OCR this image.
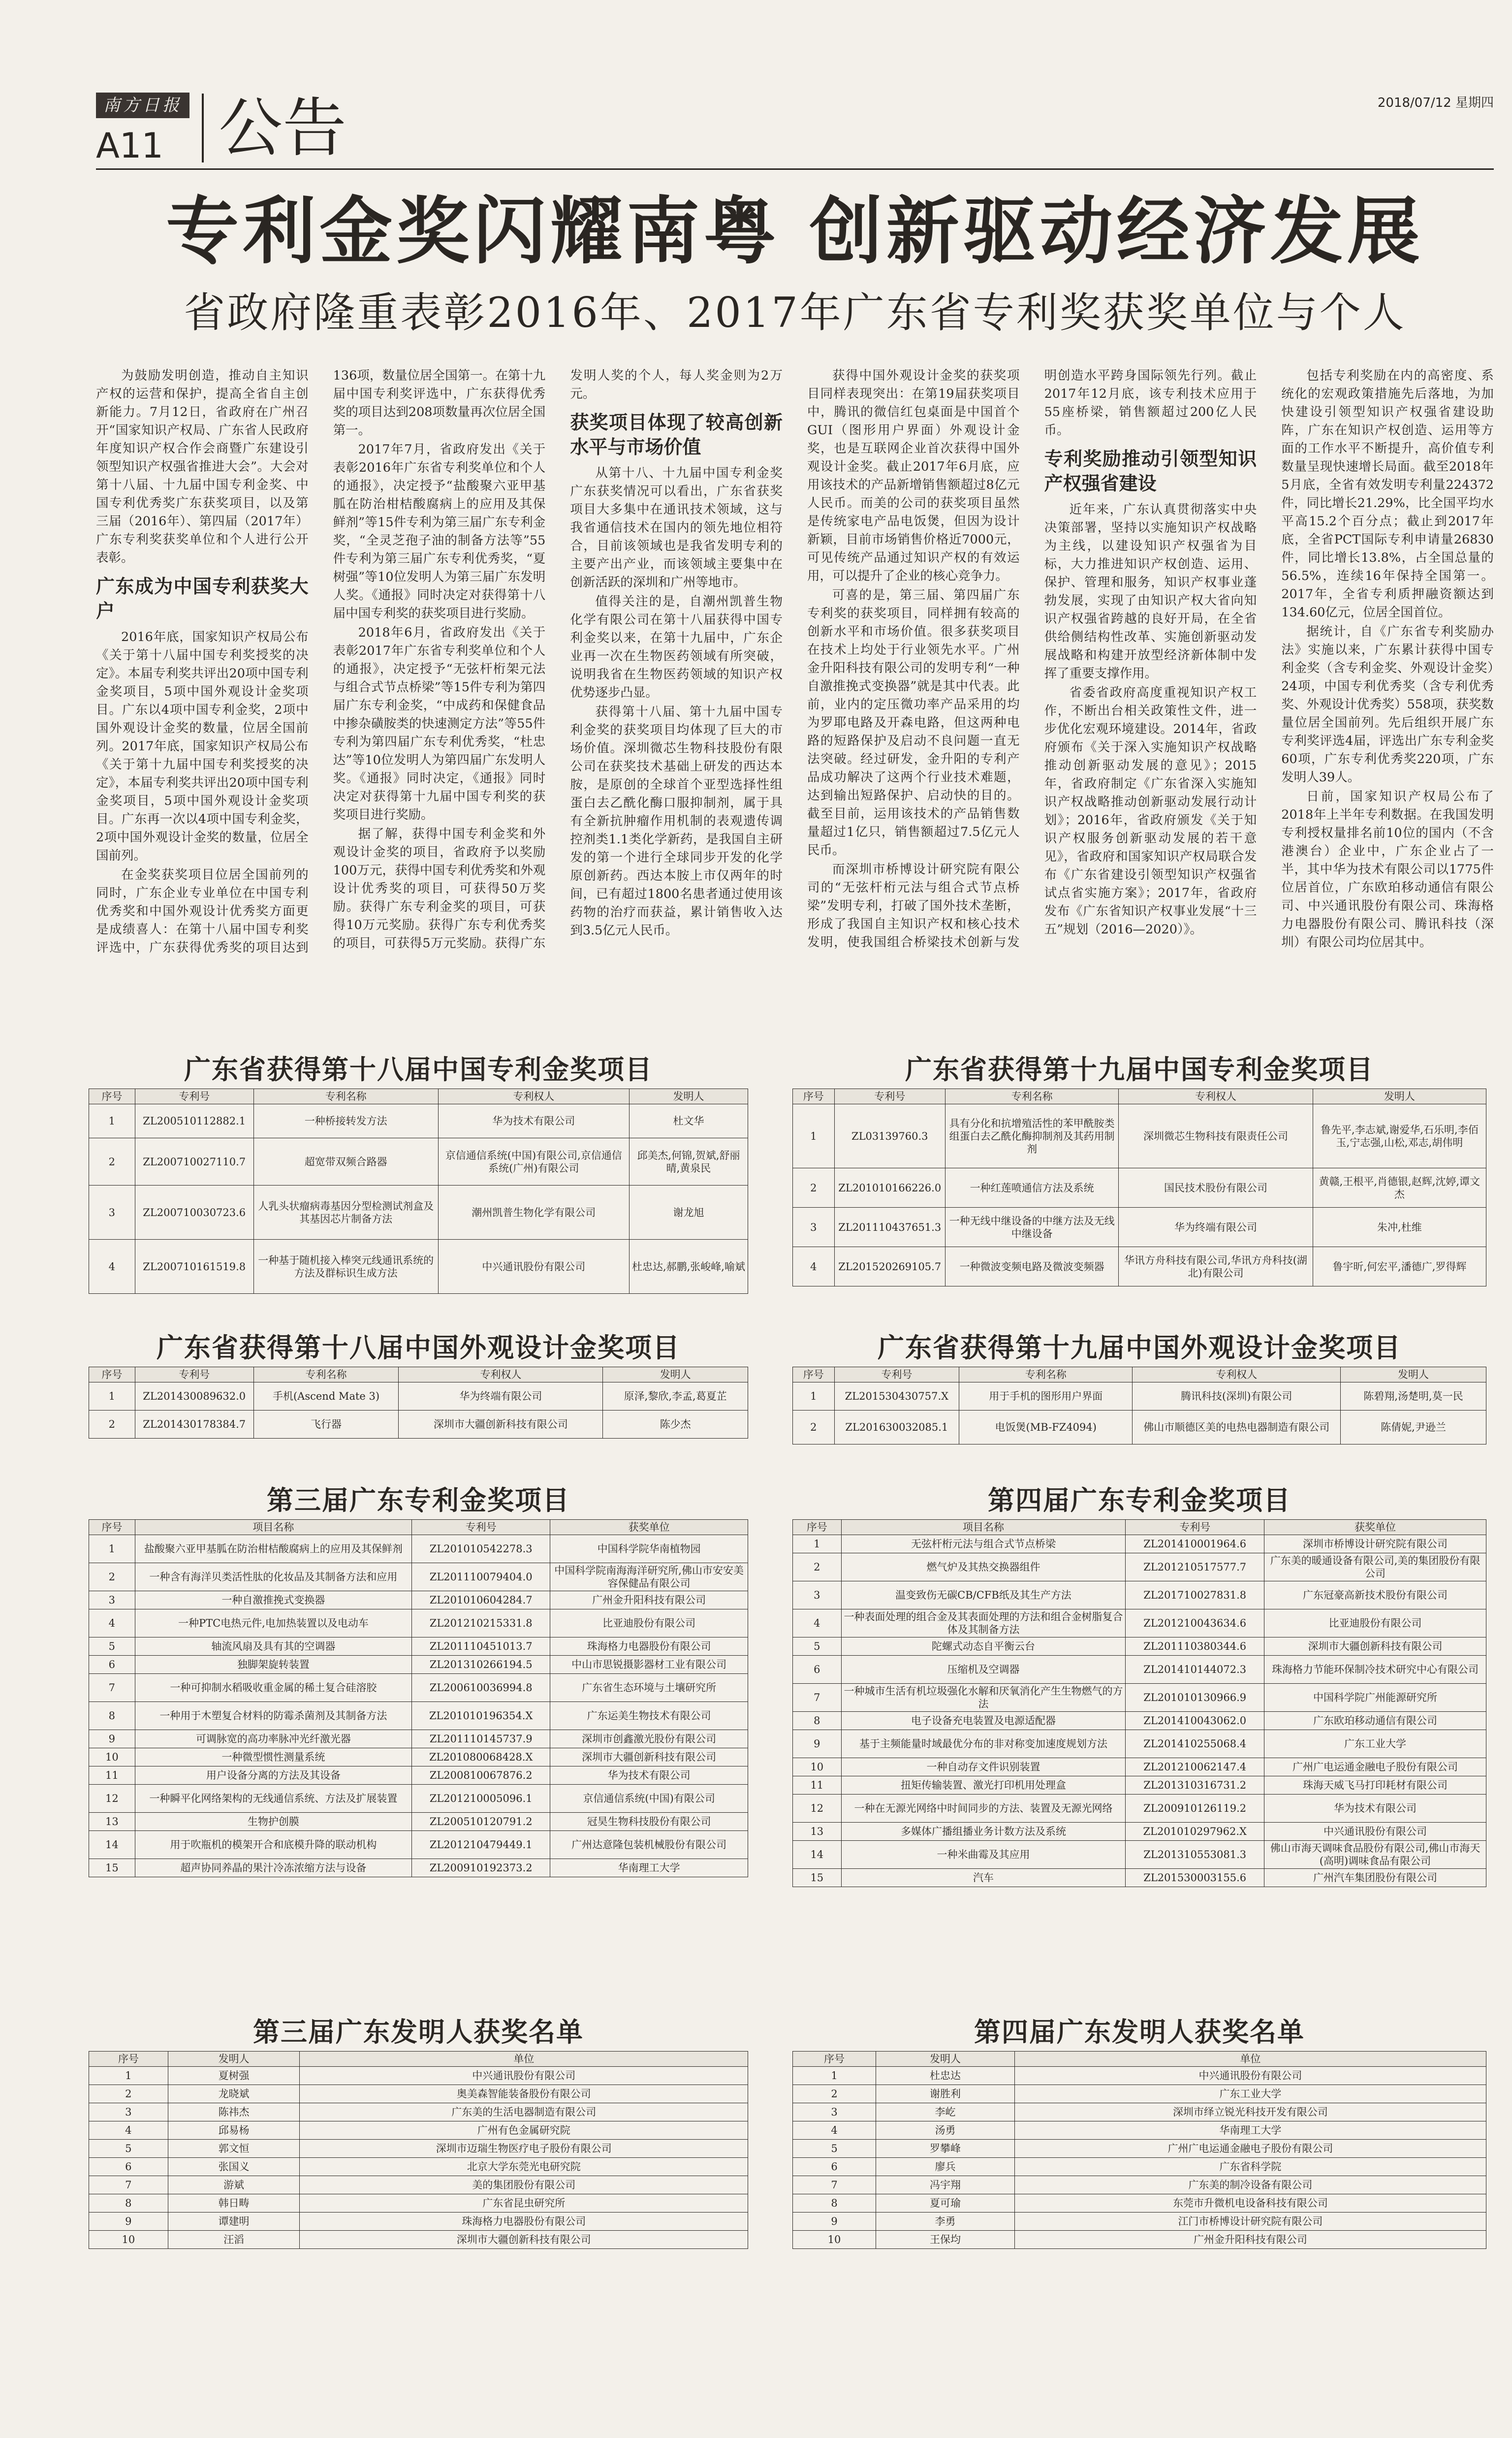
南方日报
A11 公告	2018/07/12 星期四
专利金奖闪耀南粤 创新驱动经济发展
省政府隆重表彰2016年、2017年广东省专利奖获奖单位与个人

为鼓励发明创造，推动自主知识产权的运营和保护，提高全省自主创新能力。7月12日，省政府在广州召开“国家知识产权局、广东省人民政府年度知识产权合作会商暨广东建设引领型知识产权强省推进大会”。大会对第十八届、十九届中国专利金奖、中国专利优秀奖广东获奖项目，以及第三届（2016年）、第四届（2017年）广东专利奖获奖单位和个人进行公开表彰。

广东成为中国专利获奖大户

2016年底，国家知识产权局公布《关于第十八届中国专利奖授奖的决定》。本届专利奖共评出20项中国专利金奖项目，5项中国外观设计金奖项目。广东以4项中国专利金奖，2项中国外观设计金奖的数量，位居全国前列。2017年底，国家知识产权局公布《关于第十九届中国专利奖授奖的决定》，本届专利奖共评出20项中国专利金奖项目，5项中国外观设计金奖项目。广东再一次以4项中国专利金奖，2项中国外观设计金奖的数量，位居全国前列。

在金奖获奖项目位居全国前列的同时，广东企业专业单位在中国专利优秀奖和中国外观设计优秀奖方面更是成绩喜人：在第十八届中国专利奖评选中，广东获得优秀奖的项目达到136项，数量位居全国第一。在第十九届中国专利奖评选中，广东获得优秀奖的项目达到208项数量再次位居全国第一。

2017年7月，省政府发出《关于表彰2016年广东省专利奖单位和个人的通报》，决定授予“盐酸聚六亚甲基胍在防治柑桔酸腐病上的应用及其保鲜剂”等15件专利为第三届广东专利金奖，“全灵芝孢子油的制备方法等”55件专利为第三届广东专利优秀奖，“夏树强”等10位发明人为第三届广东发明人奖。《通报》同时决定对获得第十八届中国专利奖的获奖项目进行奖励。

2018年6月，省政府发出《关于表彰2017年广东省专利奖单位和个人的通报》，决定授予“无弦杆桁架元法与组合式节点桥梁”等15件专利为第四届广东专利金奖，“中成药和保健食品中掺杂磺胺类的快速测定方法”等55件专利为第四届广东专利优秀奖，“杜忠达”等10位发明人为第四届广东发明人奖。《通报》同时决定，《通报》同时决定对获得第十九届中国专利奖的获奖项目进行奖励。

据了解，获得中国专利金奖和外观设计金奖的项目，省政府予以奖励100万元，获得中国专利优秀奖和外观设计优秀奖的项目，可获得50万奖励。获得广东专利金奖的项目，可获得10万元奖励。获得广东专利优秀奖的项目，可获得5万元奖励。获得广东发明人奖的个人，每人奖金则为2万元。

获奖项目体现了较高创新水平与市场价值

从第十八、十九届中国专利金奖广东获奖情况可以看出，广东省获奖项目大多集中在通讯技术领域，这与我省通信技术在国内的领先地位相符合，目前该领域也是我省发明专利的主要产出产业，而该领域主要集中在创新活跃的深圳和广州等地市。

值得关注的是，自潮州凯普生物化学有限公司在第十八届获得中国专利金奖以来，在第十九届中，广东企业再一次在生物医药领域有所突破，说明我省在生物医药领域的知识产权优势逐步凸显。

获得第十八届、第十九届中国专利金奖的获奖项目均体现了巨大的市场价值。深圳微芯生物科技股份有限公司在获奖技术基础上研发的西达本胺，是原创的全球首个亚型选择性组蛋白去乙酰化酶口服抑制剂，属于具有全新抗肿瘤作用机制的表观遗传调控剂类1.1类化学新药，是我国自主研发的第一个进行全球同步开发的化学原创新药。西达本胺上市仅两年的时间，已有超过1800名患者通过使用该药物的治疗而获益，累计销售收入达到3.5亿元人民币。

获得中国外观设计金奖的获奖项目同样表现突出：在第19届获奖项目中，腾讯的微信红包桌面是中国首个GUI（图形用户界面）外观设计金奖，也是互联网企业首次获得中国外观设计金奖。截止2017年6月底，应用该技术的产品新增销售额超过8亿元人民币。而美的公司的获奖项目虽然是传统家电产品电饭煲，但因为设计新颖，目前市场销售价格近7000元，可见传统产品通过知识产权的有效运用，可以提升了企业的核心竞争力。

可喜的是，第三届、第四届广东专利奖的获奖项目，同样拥有较高的创新水平和市场价值。很多获奖项目在技术上均处于行业领先水平。广州金升阳科技有限公司的发明专利“一种自激推挽式变换器”就是其中代表。此前，业内的定压微功率产品采用的均为罗耶电路及开森电路，但这两种电路的短路保护及启动不良问题一直无法突破。经过研发，金升阳的专利产品成功解决了这两个行业技术难题，达到输出短路保护、启动快的目的。截至目前，运用该技术的产品销售数量超过1亿只，销售额超过7.5亿元人民币。

而深圳市桥博设计研究院有限公司的“无弦杆桁元法与组合式节点桥梁”发明专利，打破了国外技术垄断，形成了我国自主知识产权和核心技术发明，使我国组合桥梁技术创新与发明创造水平跨身国际领先行列。截止2017年12月底，该专利技术应用于55座桥梁，销售额超过200亿人民币。

专利奖励推动引领型知识产权强省建设

近年来，广东认真贯彻落实中央决策部署，坚持以实施知识产权战略为主线，以建设知识产权强省为目标，大力推进知识产权创造、运用、保护、管理和服务，知识产权事业蓬勃发展，实现了由知识产权大省向知识产权强省跨越的良好开局，在全省供给侧结构性改革、实施创新驱动发展战略和构建开放型经济新体制中发挥了重要支撑作用。

省委省政府高度重视知识产权工作，不断出台相关政策性文件，进一步优化宏观环境建设。2014年，省政府颁布《关于深入实施知识产权战略推动创新驱动发展的意见》；2015年，省政府制定《广东省深入实施知识产权战略推动创新驱动发展行动计划》；2016年，省政府颁发《关于知识产权服务创新驱动发展的若干意见》，省政府和国家知识产权局联合发布《广东省建设引领型知识产权强省试点省实施方案》；2017年，省政府发布《广东省知识产权事业发展“十三五”规划（2016—2020）》。

包括专利奖励在内的高密度、系统化的宏观政策措施先后落地，为加快建设引领型知识产权强省建设助阵，广东在知识产权创造、运用等方面的工作水平不断提升，高价值专利数量呈现快速增长局面。截至2018年5月底，全省有效发明专利量224372件，同比增长21.29%，比全国平均水平高15.2个百分点；截止到2017年底，全省PCT国际专利申请量26830件，同比增长13.8%，占全国总量的56.5%，连续16年保持全国第一。2017年，全省专利质押融资额达到134.60亿元，位居全国首位。

据统计，自《广东省专利奖励办法》实施以来，广东累计获得中国专利金奖（含专利金奖、外观设计金奖）24项，中国专利优秀奖（含专利优秀奖、外观设计优秀奖）558项，获奖数量位居全国前列。先后组织开展广东专利奖评选4届，评选出广东专利金奖60项，广东专利优秀奖220项，广东发明人39人。

日前，国家知识产权局公布了2018年上半年专利数据。在我国发明专利授权量排名前10位的国内（不含港澳台）企业中，广东企业占了一半，其中华为技术有限公司以1775件位居首位，广东欧珀移动通信有限公司、中兴通讯股份有限公司、珠海格力电器股份有限公司、腾讯科技（深圳）有限公司均位居其中。

广东省获得第十八届中国专利金奖项目
序号	专利号	专利名称	专利权人	发明人
1	ZL200510112882.1	一种桥接转发方法	华为技术有限公司	杜文华
2	ZL200710027110.7	超宽带双频合路器	京信通信系统(中国)有限公司,京信通信系统(广州)有限公司	邱美杰,何锦,贺斌,舒丽晴,黄泉民
3	ZL200710030723.6	人乳头状瘤病毒基因分型检测试剂盒及其基因芯片制备方法	潮州凯普生物化学有限公司	谢龙旭
4	ZL200710161519.8	一种基于随机接入棒突元线通讯系统的方法及群标识生成方法	中兴通讯股份有限公司	杜忠达,郝鹏,张峻峰,喻斌
广东省获得第十九届中国专利金奖项目
序号	专利号	专利名称	专利权人	发明人
1	ZL03139760.3	具有分化和抗增殖活性的苯甲酰胺类组蛋白去乙酰化酶抑制剂及其药用制剂	深圳微芯生物科技有限责任公司	鲁先平,李志斌,谢爱华,石乐明,李佰玉,宁志强,山松,邓志,胡伟明
2	ZL201010166226.0	一种红莲喷通信方法及系统	国民技术股份有限公司	黄赣,王根平,肖德银,赵辉,沈婷,谭文杰
3	ZL201110437651.3	一种无线中继设备的中继方法及无线中继设备	华为终端有限公司	朱冲,杜维
4	ZL201520269105.7	一种微波变频电路及微波变频器	华讯方舟科技有限公司,华讯方舟科技(湖北)有限公司	鲁宇昕,何宏平,潘德广,罗得辉
广东省获得第十八届中国外观设计金奖项目
序号	专利号	专利名称	专利权人	发明人
1	ZL201430089632.0	手机(Ascend Mate 3)	华为终端有限公司	原泽,黎欣,李孟,葛夏芷
2	ZL201430178384.7	飞行器	深圳市大疆创新科技有限公司	陈少杰
广东省获得第十九届中国外观设计金奖项目
序号	专利号	专利名称	专利权人	发明人
1	ZL201530430757.X	用于手机的图形用户界面	腾讯科技(深圳)有限公司	陈碧翔,汤楚明,莫一民
2	ZL201630032085.1	电饭煲(MB-FZ4094)	佛山市顺德区美的电热电器制造有限公司	陈倩妮,尹逊兰
第三届广东专利金奖项目
序号	项目名称	专利号	获奖单位
1	盐酸聚六亚甲基胍在防治柑桔酸腐病上的应用及其保鲜剂	ZL201010542278.3	中国科学院华南植物园
2	一种含有海洋贝类活性肽的化妆品及其制备方法和应用	ZL201110079404.0	中国科学院南海海洋研究所,佛山市安安美容保健品有限公司
3	一种自激推挽式变换器	ZL201010604284.7	广州金升阳科技有限公司
4	一种PTC电热元件,电加热装置以及电动车	ZL201210215331.8	比亚迪股份有限公司
5	轴流风扇及具有其的空调器	ZL201110451013.7	珠海格力电器股份有限公司
6	独脚架旋转装置	ZL201310266194.5	中山市思锐摄影器材工业有限公司
7	一种可抑制水稻吸收重金属的稀土复合硅溶胶	ZL200610036994.8	广东省生态环境与土壤研究所
8	一种用于木塑复合材料的防霉杀菌剂及其制备方法	ZL201010196354.X	广东运美生物技术有限公司
9	可调脉宽的高功率脉冲光纤激光器	ZL201110145737.9	深圳市创鑫激光股份有限公司
10	一种微型惯性测量系统	ZL201080068428.X	深圳市大疆创新科技有限公司
11	用户设备分离的方法及其设备	ZL200810067876.2	华为技术有限公司
12	一种瞬平化网络架构的无线通信系统、方法及扩展装置	ZL201210005096.1	京信通信系统(中国)有限公司
13	生物护创膜	ZL200510120791.2	冠昊生物科技股份有限公司
14	用于吹瓶机的模架开合和底模升降的联动机构	ZL201210479449.1	广州达意隆包装机械股份有限公司
15	超声协同养晶的果汁冷冻浓缩方法与设备	ZL200910192373.2	华南理工大学
第四届广东专利金奖项目
序号	项目名称	专利号	获奖单位
1	无弦杆桁元法与组合式节点桥梁	ZL201410001964.6	深圳市桥博设计研究院有限公司
2	燃气炉及其热交换器组件	ZL201210517577.7	广东美的暖通设备有限公司,美的集团股份有限公司
3	温变致伤无碳CB/CFB纸及其生产方法	ZL201710027831.8	广东冠豪高新技术股份有限公司
4	一种表面处理的组合金及其表面处理的方法和组合金树脂复合体及其制备方法	ZL201210043634.6	比亚迪股份有限公司
5	陀螺式动态自平衡云台	ZL201110380344.6	深圳市大疆创新科技有限公司
6	压缩机及空调器	ZL201410144072.3	珠海格力节能环保制冷技术研究中心有限公司
7	一种城市生活有机垃圾强化水解和厌氧消化产生生物燃气的方法	ZL201010130966.9	中国科学院广州能源研究所
8	电子设备充电装置及电源适配器	ZL201410043062.0	广东欧珀移动通信有限公司
9	基于主频能量时域最优分布的非对称变加速度规划方法	ZL201410255068.4	广东工业大学
10	一种自动存文件识别装置	ZL201210062147.4	广州广电运通金融电子股份有限公司
11	扭矩传输装置、激光打印机用处理盒	ZL201310316731.2	珠海天威飞马打印耗材有限公司
12	一种在无源光网络中时间同步的方法、装置及无源光网络	ZL200910126119.2	华为技术有限公司
13	多媒体广播组播业务计数方法及系统	ZL201010297962.X	中兴通讯股份有限公司
14	一种米曲霉及其应用	ZL201310553081.3	佛山市海天调味食品股份有限公司,佛山市海天(高明)调味食品有限公司
15	汽车	ZL201530003155.6	广州汽车集团股份有限公司
第三届广东发明人获奖名单
序号	发明人	单位
1	夏树强	中兴通讯股份有限公司
2	龙晓斌	奥美森智能装备股份有限公司
3	陈祎杰	广东美的生活电器制造有限公司
4	邱易杨	广州有色金属研究院
5	郭文恒	深圳市迈瑞生物医疗电子股份有限公司
6	张国义	北京大学东莞光电研究院
7	游斌	美的集团股份有限公司
8	韩日畴	广东省昆虫研究所
9	谭建明	珠海格力电器股份有限公司
10	汪滔	深圳市大疆创新科技有限公司
第四届广东发明人获奖名单
序号	发明人	单位
1	杜忠达	中兴通讯股份有限公司
2	谢胜利	广东工业大学
3	李屹	深圳市绎立锐光科技开发有限公司
4	汤勇	华南理工大学
5	罗攀峰	广州广电运通金融电子股份有限公司
6	廖兵	广东省科学院
7	冯宇翔	广东美的制冷设备有限公司
8	夏可瑜	东莞市升微机电设备科技有限公司
9	李勇	江门市桥博设计研究院有限公司
10	王保均	广州金升阳科技有限公司
